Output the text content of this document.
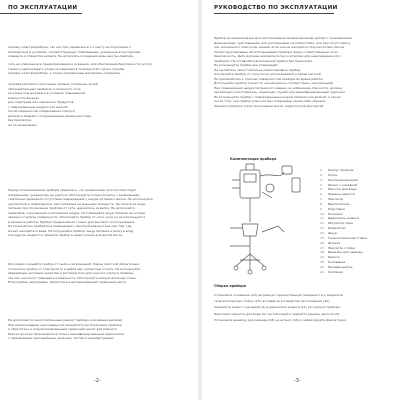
ПО ЭКСПЛУАТАЦИИ
паковку электроприбора, так как при перевозке его к месту эксплуатации к
проводиться в условиях, соответствующих требованиям, указанным в инструкции.
элемента и отверстия шланга. Не допускать попадания воды внутрь прибора,
сить на упаковке все предупреждения и указания, для обеспечения безопасности эксплу
тации и надлежащего ухода за изделием в течение всего срока службы.
паковку электроприбора, а также упаковочные материалы сохранить.
льтрафиолетового излучения, прямых солнечных лучей
обогревательных приборов и открытого огня
на улице под дождем и в условиях повышенной
влажности воздуха
для подогрева или заморозки продуктов
с поврежденным шнуром или вилкой
после падения или повреждения корпуса
детьми и людьми с ограниченными возможностями
без присмотра
не по назначению
Перед использованием прибора убедитесь, что напряжение сети соответствует
напряжению, указанному на корпусе. Используйте только розетку с заземлением
тщательно проверьте отсутствие повреждений у шнура питания и вилки. Не используйте
удлинители и переходники, рассчитанные на меньшую мощность. Не тяните за шнур
питания при отключении прибора от сети, держитесь за вилку. Не допускайте
перегибов, скручивания и натяжения шнура. Не помещайте шнур питания на острые
кромки и горячие поверхности. Отключайте прибор от сети, если он не используется
в процессе работы. Прибор предназначен только для бытового использования
Не пользуйтесь прибором в помещениях с высокой влажностью или там, где
может находиться вода. Не погружайте прибор, шнур питания и вилку в воду
или другие жидкости. Храните прибор в недоступном для детей месте.
Регулярно очищайте прибор от пыли и загрязнений. Перед очисткой обязательно
отключите прибор от электросети и дайте ему полностью остыть. Не используйте
абразивные чистящие средства и растворители для очистки корпуса прибора,
так как они могут повредить поверхность. Используйте мягкую влажную ткань.
Если прибор неисправен, обратитесь в авторизованный сервисный центр.
Не допускается самостоятельный ремонт прибора или замена деталей
При возникновении неисправности прекратите эксплуатацию прибора
и обратитесь в специализированный сервисный центр для ремонта
Ремонт должен производиться только квалифицированным персоналом
с применением оригинальных запасных частей и комплектующих
-2-
РУКОВОДСТВО ПО ЭКСПЛУАТАЦИИ
Прибор не предназначен для использования лицами (включая детей) с пониженными
физическими, чувственными или умственными способностями, или при отсутствии у
них жизненного опыта или знаний, если они не находятся под контролем или не
проинструктированы об использовании прибора лицом, ответственным за их
безопасность. Дети должны находиться под контролем для недопущения игр с
прибором. Не оставляйте включенный прибор без присмотра.
Не используйте прибор вне помещений.
Не пытайтесь самостоятельно ремонтировать прибор.
Отключайте прибор от сети после использования и перед чисткой.
Не прикасайтесь к горячим поверхностям прибора во время работы
Используйте прибор только по назначению в соответствии с инструкцией
При повреждении шнура питания его замену, во избежание опасности, должен
производить изготовитель, сервисная служба или квалифицированный персонал.
Не используйте прибор с поврежденным шнуром питания или вилкой, а также
после того, как прибор упал или был поврежден каким-либо образом.
Храните прибор в сухом прохладном месте, недоступном для детей.
Комплектация прибора
1. Корпус прибора
2. Ручка
3. Кнопка включения
4. Шланг с насадкой
5. Емкость для воды
6. Крышка емкости
7. Фиксатор
8. Выключатель
9. Подставка
10. Колесико
11. Держатель шланга
12. Регулятор пара
13. Индикатор
14. Шнур
15. Телескопическая стойка
16. Штанга
17. Фиксатор стойки
18. Вешалка для одежды
19. Крючок
20. Основание
21. Насадка-щетка
22. Колпачок
Сборка прибора
Установите основание (20) на ровную горизонтальную поверхность и закрепите
телескопическую стойку (15), вставив ее в отверстие на основании (20).
Закрепите шланг с насадкой (4) в держателе шланга (11) на корпусе прибора.
Наполните емкость для воды (5) чистой водой и закройте крышку емкости (6).
Установите вешалку для одежды (18) на штангу (16) и зафиксируйте фиксатором.
-3-
